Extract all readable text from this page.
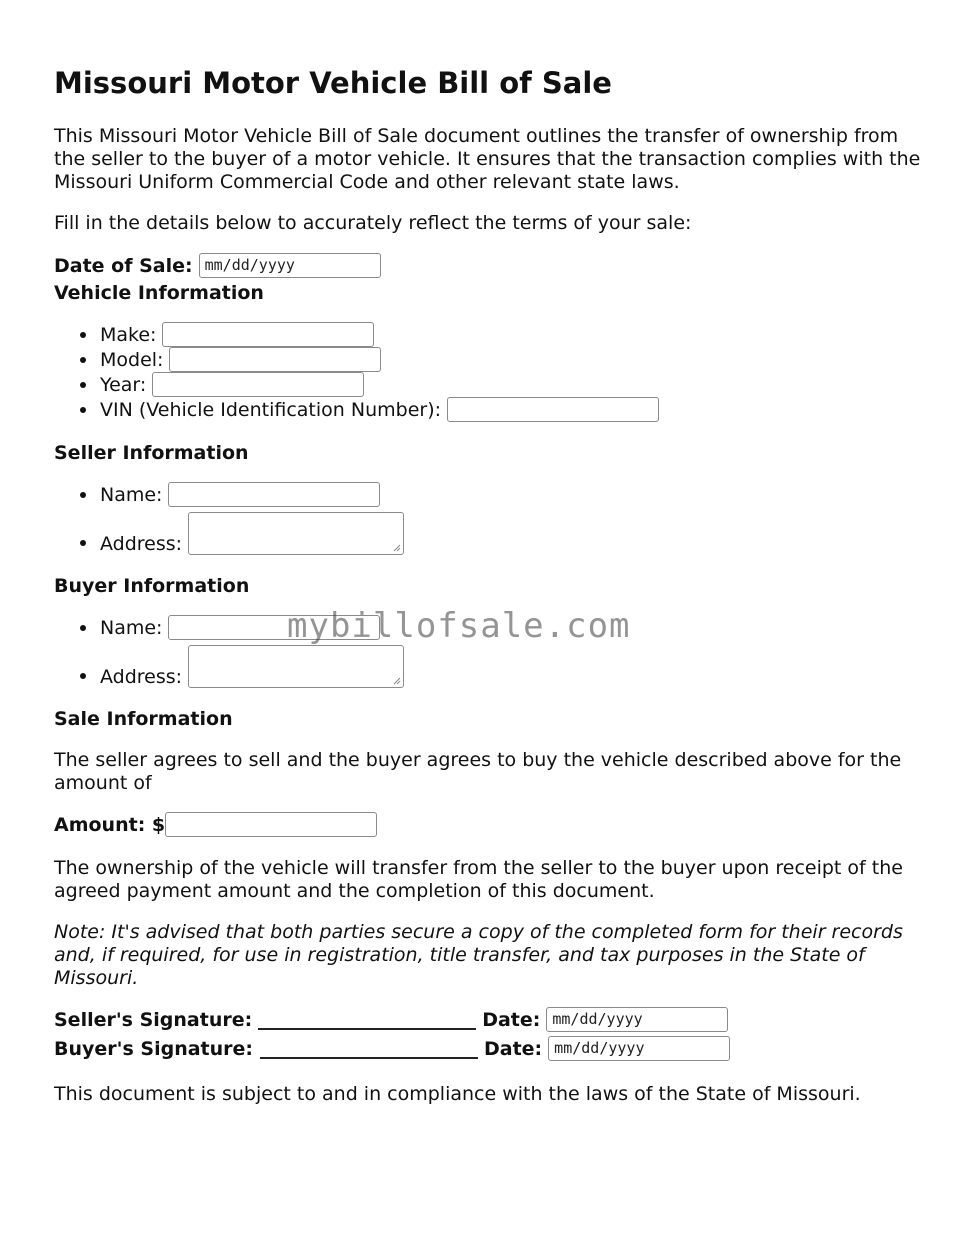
Missouri Motor Vehicle Bill of Sale

This Missouri Motor Vehicle Bill of Sale document outlines the transfer of ownership from the seller to the buyer of a motor vehicle. It ensures that the transaction complies with the Missouri Uniform Commercial Code and other relevant state laws.

Fill in the details below to accurately reflect the terms of your sale:

Date of Sale: mm/dd/yyyy
Vehicle Information
Make:
Model:
Year:
VIN (Vehicle Identification Number):
Seller Information
Name:
Address:
Buyer Information
Name:
Address:
Sale Information

The seller agrees to sell and the buyer agrees to buy the vehicle described above for the amount of

Amount: $

The ownership of the vehicle will transfer from the seller to the buyer upon receipt of the agreed payment amount and the completion of this document.

Note: It's advised that both parties secure a copy of the completed form for their records and, if required, for use in registration, title transfer, and tax purposes in the State of Missouri.

Seller's Signature:	Date: mm/dd/yyyy
Buyer's Signature:	Date: mm/dd/yyyy

This document is subject to and in compliance with the laws of the State of Missouri.

mybillofsale.com
